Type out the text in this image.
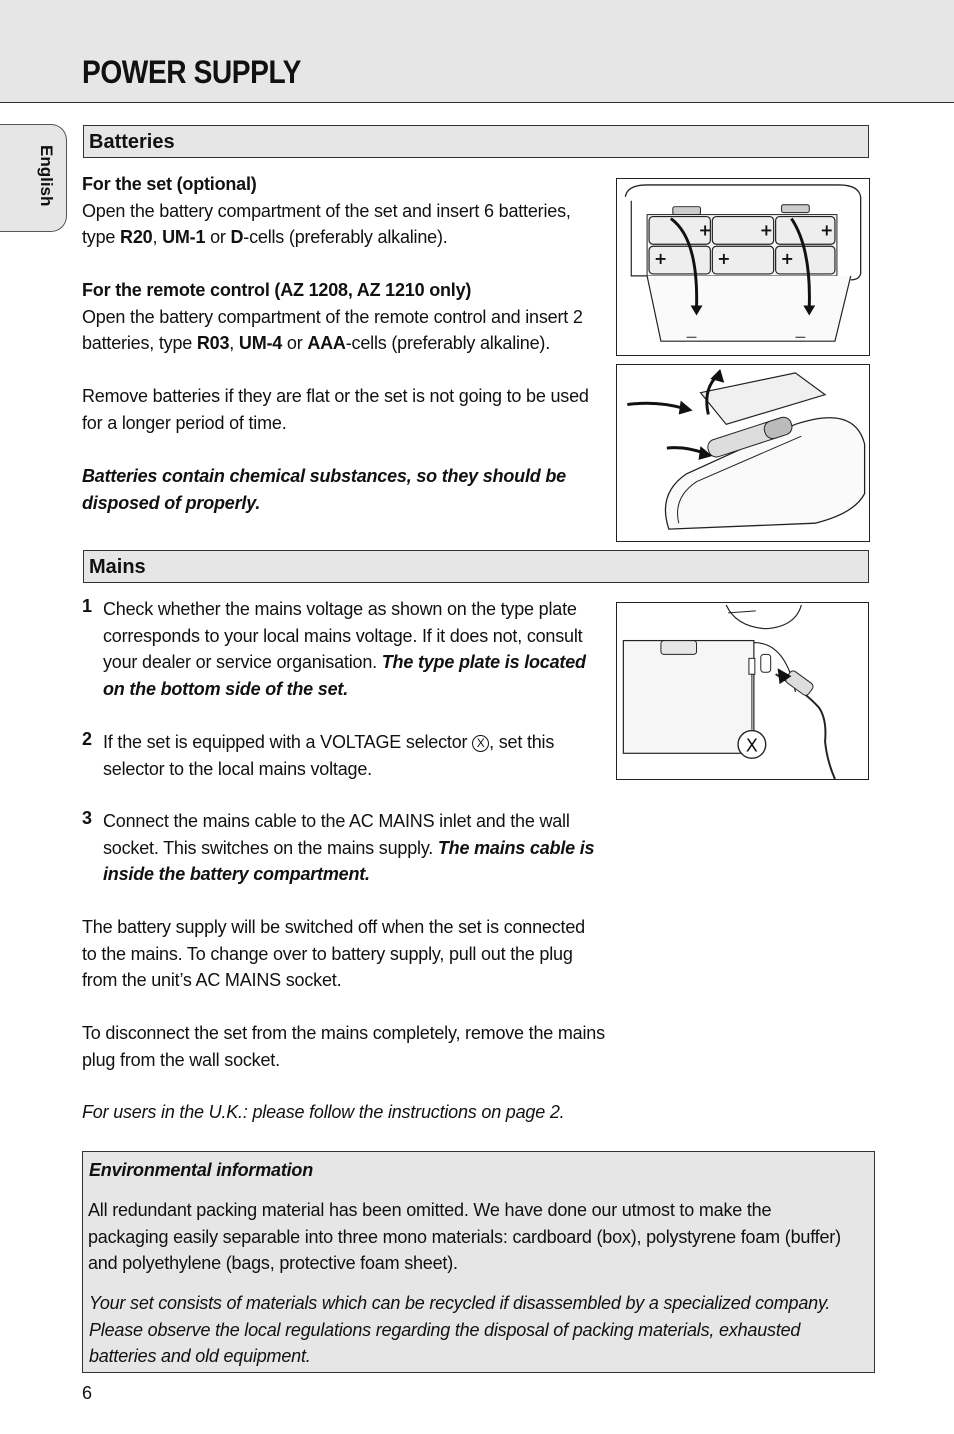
POWER SUPPLY
English
Batteries
For the set (optional)
Open the battery compartment of the set and insert 6 batteries,
type R20, UM-1 or D-cells (preferably alkaline).
For the remote control (AZ 1208, AZ 1210 only)
Open the battery compartment of the remote control and insert 2
batteries, type R03, UM-4 or AAA-cells (preferably alkaline).
Remove batteries if they are flat or the set is not going to be used
for a longer period of time.
Batteries contain chemical substances, so they should be
disposed of properly.
+	+	+
+	+	+
Mains
1 Check whether the mains voltage as shown on the type plate
corresponds to your local mains voltage. If it does not, consult
your dealer or service organisation. The type plate is located
on the bottom side of the set.
2 If the set is equipped with a VOLTAGE selector X , set this
selector to the local mains voltage.
3 Connect the mains cable to the AC MAINS inlet and the wall
socket. This switches on the mains supply. The mains cable is
inside the battery compartment.
The battery supply will be switched off when the set is connected
to the mains. To change over to battery supply, pull out the plug
from the unit’s AC MAINS socket.
To disconnect the set from the mains completely, remove the mains
plug from the wall socket.
For users in the U.K.: please follow the instructions on page 2.
X
Environmental information
All redundant packing material has been omitted. We have done our utmost to make the
packaging easily separable into three mono materials: cardboard (box), polystyrene foam (buffer)
and polyethylene (bags, protective foam sheet).
Your set consists of materials which can be recycled if disassembled by a specialized company.
Please observe the local regulations regarding the disposal of packing materials, exhausted
batteries and old equipment.
6
